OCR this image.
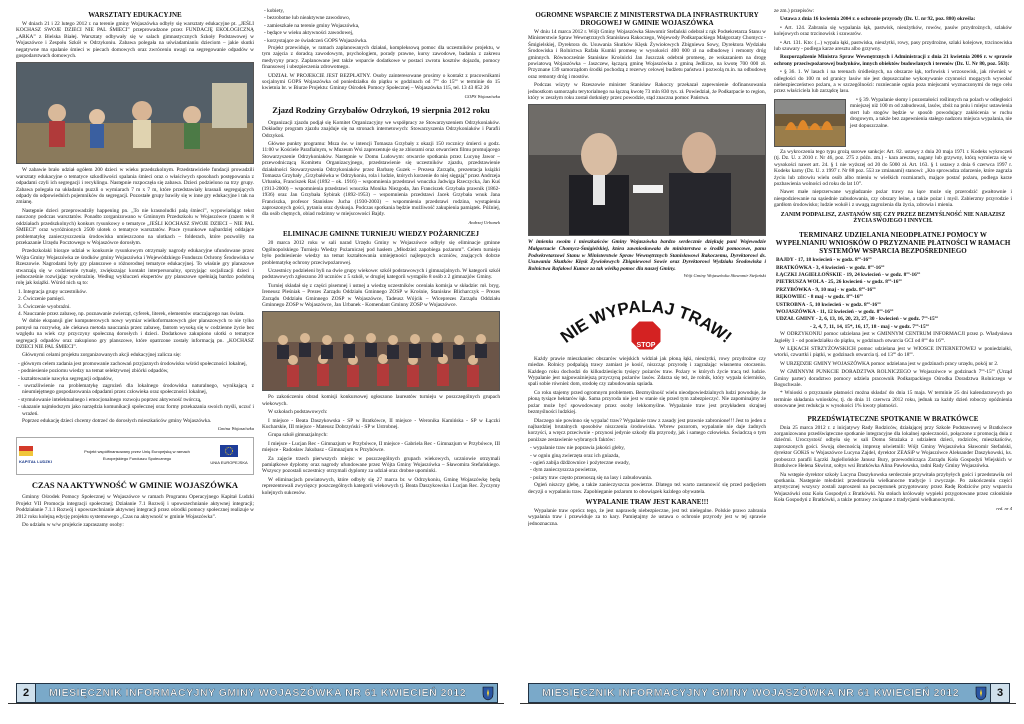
WARSZTATY EDUKACYJNE

W dniach 21 i 22 lutego 2012 r. na terenie gminy Wojaszówka odbyły się warsztaty edukacyjne pt. „JEŚLI KOCHASZ SWOJE DZIECI NIE PAL ŚMIECI” przeprowadzone przez FUNDACJĘ EKOLOGICZNĄ „ARKA” z Bielska Białej. Warsztaty odbywały się w salach gimnastycznych Szkoły Podstawowej w Wojaszówce i Zespołu Szkół w Odrzykoniu. Zabawa polegała na uświadamianiu dzieciom – jakie skutki negatywne ma spalanie śmieci w piecach domowych oraz zwróceniu uwagi na segregowanie odpadów w gospodarstwach domowych.

W zabawie brało udział ogółem 200 dzieci w wieku przedszkolnym. Przedstawiciele fundacji prowadzili warsztaty edukacyjne o tematyce szkodliwości spalania śmieci oraz o właściwych sposobach postępowania z odpadami czyli ich segregacji i recyklingu. Następnie rozpoczęła się zabawa. Dzieci podzielono na trzy grupy. Zabawa polegała na układaniu puzzli o wymiarach 7 m x 7 m, które przedstawiały krasnali segregujących odpady do odpowiednich pojemników do segregacji. Pozostałe grupy bawiły się w inne gry edukacyjne i tak na zmianę.

Następnie dzieci przeprowadziły happening pn. „To nie krasnoludki palą śmieci”, wypowiadając tekst nauczony podczas warsztatów. Ponadto zorganizowano w Gminnym Przedszkolu w Wojaszówce (razem w 8 oddziałach przedszkolnych) konkurs rysunkowy o tematyce „JEŚLI KOCHASZ SWOJE DZIECI – NIE PAL ŚMIECI” oraz wyróżnionych 2500 ulotek o tematyce warsztatów. Prace rysunkowe najbardziej oddające problematykę zanieczyszczenia środowiska umieszczono na ulotkach – folderach, które pozwoliły na przekazanie Urzędu Pocztowego w Wojaszówce dorosłym.

Przedszkolaki biorące udział w konkursie rysunkowym otrzymały nagrody edukacyjne ufundowane przez Wójta Gminy Wojaszówka ze środków gminy Wojaszówka i Wojewódzkiego Funduszu Ochrony Środowiska w Rzeszowie. Nagrodami były gry planszowe o różnorodnej tematyce edukacyjnej. To właśnie gry planszowe stwarzają się w codziennie rytuały, zwiększając kontakt interpersonalny, sprzyjając socjalizacji dzieci i jednocześnie rozwijając wyobraźnię. Według wykluczeń ekspertów gry planszowe spełniają bardzo podobną rolę jak książki. Wśród nich są to:

1. Integracja grupy uczestników.
2. Ćwiczenie pamięci.
3. Ćwiczenie wyobraźni.
4. Nauczanie przez zabawę, np. poznawanie zwierząt, cyferek, literek, elementów otaczającego nas świata.

W dobie ekspansji gier komputerowych nowy wymiar wielkoformatowych gier planszowych to nie tylko pomysł na rozrywkę, ale ciekawa metoda nauczania przez zabawę, fantom wysoką się w codzienne życie bez względu na wiek czy przyczyny społeczną dorosłych i dzieci. Dodatkowo zakupiono ulotki o tematyce segregacji odpadów oraz zakupiono gry planszowe, które opatrzone zostały informacją pn. „KOCHASZ DZIECI NIE PAL ŚMIECI”.

Głównymi celami projektu zorganizowanych akcji edukacyjnej zalicza się:

- głównym celem zadania jest promowanie zachowań przyjaznych środowisku wśród społeczności lokalnej,
- podniesienie poziomu wiedzy na temat selektywnej zbiórki odpadów,
- kształtowanie nawyku segregacji odpadów,
- uwrażliwienie na problematykę zagrożeń dla lokalnego środowiska naturalnego, wynikającą z nieumiejętnego gospodarowania odpadami przez człowieka oraz społeczności lokalnej,
- stymulowanie intelektualnego i emocjonalnego rozwoju poprzez aktywność twórczą,
- ukazanie najmłodszym jako narzędzia komunikacji społecznej oraz formy przekazania swoich myśli, uczuć i wrażeń.

Poprzez edukację dzieci chcemy dotrzeć do dorosłych mieszkańców gminy Wojaszówka.

Gmina Wojaszówka
KAPITAŁ LUDZKI
Projekt współfinansowany przez Unię Europejską w ramach Europejskiego Funduszu Społecznego
UNIA EUROPEJSKA
CZAS NA AKTYWNOŚĆ W GMINIE WOJASZÓWKA

Gminny Ośrodek Pomocy Społecznej w Wojaszówce w ramach Programu Operacyjnego Kapitał Ludzki Projekt VII Promocja integracji społecznej; Działanie 7.1 Rozwój i upowszechnianie aktywnej integracji; Poddziałanie 7.1.1 Rozwój i upowszechnianie aktywnej integracji przez ośrodki pomocy społecznej realizuje w 2012 roku kolejną edycję projektu systemowego „Czas na aktywność w gminie Wojaszówka”.

Do udziału w w/w projekcie zapraszamy osoby:

- kobiety,
- bezrobotne lub nieaktywne zawodowo,
- zamieszkałe na terenie gminy Wojaszówka,
- będące w wieku aktywności zawodowej,
- korzystające ze świadczeń GOPS Wojaszówka.

Projekt przewiduje, w ramach zaplanowanych działań, kompleksową pomoc dla uczestników projektu, w tym zajęcia z doradcą zawodowym, psychologiem, porady prawne, kursy zawodowe, badania z zakresu medycyny pracy. Zaplanowane jest także wsparcie dodatkowe w postaci zwrotu kosztów dojazdu, pomocy finansowej i ubezpieczenia zdrowotnego.

UDZIAŁ W PROJEKCIE JEST BEZPŁATNY. Osoby zainteresowane prosimy o kontakt z pracownikami socjalnymi GOPS Wojaszówka od poniedziałku do piątku w godzinach od 7ºº do 15ºº w terminie do 15 kwietnia br. w Biurze Projektu: Gminny Ośrodek Pomocy Społecznej – Wojaszówka 115, tel. 13 43 852 26

GOPS Wojaszówka
Zjazd Rodziny Grzybałów Odrzykoń, 19 sierpnia 2012 roku

Organizacji zjazdu podjął się Komitet Organizacyjny we współpracy ze Stowarzyszeniem Odrzykoniaków. Dokładny program zjazdu znajduje się na stronach internetowych: Stowarzyszenia Odrzykoniaków i Parafii Odrzykoń.

Główne punkty programu: Msza św. w intencji Tomasza Grzybały z okazji 150 rocznicy śmierci o godz. 11:00 w Kościele Parafialnym, w Muzeum Wsi zaprezentuje się ze zbiorami oraz otwarciem filmu promującego Stowarzyszenie Odrzykoniaków. Następnie w Domu Ludowym: otwarcie spotkania przez Lucynę Jawor – przewodniczącą Komitetu Organizacyjnego, przedstawienie się uczestników zjazdu, przedstawienie działalności Stowarzyszenia Odrzykoniaków przez Barbarę Guzek – Prezesa Zarządu, prezentacja książki Tomasza Grzybały „Grzybałówka w Odrzykoniu, rola i ludzie, których korzenie do niej sięgają” przez Andrzeja Urbanka, Franciszek Raś (1892 – ok. 1916) – wspomnienia przedstawi wnuczka Jadwiga Rzeczycka, Jan Kuś (1913-2000) – wspomnienia przedstawi wnuczka Monika Niezgoda, Jan Franciszek Grzybała prawnik (1862-1936) oraz Jan Grzybała Sybirak (1892-1953) – wspomnienia przedstawi Jacek Grzybała wnuk Jana Franciszka, profesor Stanisław Jucha (1930-2003) – wspomnienia przedstawi rodzina, wystąpienia zaproszonych gości, pytania oraz dyskusja. Podczas spotkania będzie możliwość zakupienia pamiątek. Później, dla osób chętnych, obiad rodzinny w miejscowości Bajdy.

Andrzej Urbanek
ELIMINACJE GMINNE TURNIEJU WIEDZY POŻARNICZEJ

20 marca 2012 roku w sali narad Urzędu Gminy w Wojaszówce odbyły się eliminacje gminne Ogólnopolskiego Turnieju Wiedzy Pożarniczej pod hasłem „Młodzież zapobiega pożarom”. Celem turnieju było podniesienie wiedzy na temat kształtowania umiejętności najlepszych uczniów, znających dobrze problematykę ochrony przeciwpożarowej.

Uczestnicy podzieleni byli na dwie grupy wiekowe: szkół podstawowych i gimnazjalnych. W kategorii szkół podstawowych zgłoszono 20 uczniów z 5 szkół, w drugiej kategorii wystąpiło 8 osób z 2 gimnazjów Gminy.

Turniej składał się z części pisemnej i ustnej a wiedzę uczestników oceniała komisja w składzie: mł. bryg. Ireneusz Pleśniak – Prezes Zarządu Oddziału Gminnego ZOSP w Krośnie, Stanisław Blicharczyk – Prezes Zarządu Oddziału Gminnego ZOSP w Wojaszówce, Tadeusz Wójcik – Wiceprezes Zarządu Oddziału Gminnego ZOSP w Wojaszówce, Jan Urbanek - Komendant Gminny ZOSP w Wojaszówce.

Po zakończeniu obrad komisji konkursowej ogłoszono laureatów turnieju w poszczególnych grupach wiekowych.

W szkołach podstawowych:

I miejsce - Beata Daszykowska - SP w Bratkówce, II miejsce - Weronika Kamińska - SP w Łączki Kucharskie, III miejsce - Mateusz Dobrzyński - SP w Ustrobnej.

Grupa szkół gimnazjalnych:

I miejsce - Lucjan Rec - Gimnazjum w Przybówce, II miejsce - Gabriela Rec - Gimnazjum w Przybówce, III miejsce - Radosław Jakubasz - Gimnazjum w Przybówce.

Za zajęcie trzech pierwszych miejsc w poszczególnych grupach wiekowych, uczniowie otrzymali pamiątkowe dyplomy oraz nagrody ufundowane przez Wójta Gminy Wojaszówka – Sławomira Stefańskiego. Wszyscy pozostali uczestnicy otrzymali dyplomy za udział oraz drobne upominki.

W eliminacjach powiatowych, które odbyły się 27 marca br. w Odrzykoniu, Gminę Wojaszówkę będą reprezentowali zwycięzcy poszczególnych kategorii wiekowych tj. Beata Daszykowska i Lucjan Rec. Życzymy kolejnych sukcesów.

2	MIESIĘCZNIK INFORMACYJNY GMINY WOJASZÓWKA NR 61 KWIECIEŃ 2012
OGROMNE WSPARCIE Z MINISTERSTWA DLA INFRASTRUKTURY DROGOWEJ W GMINIE WOJASZÓWKA

W dniu 14 marca 2012 r. Wójt Gminy Wojaszówka Sławomir Stefański odebrał z rąk Podsekretarza Stanu w Ministerstwie Spraw Wewnętrznych Stanisława Rakoczego, Wojewody Podkarpackiego Małgorzaty Chomycz - Śmigielskiej, Dyrektora ds. Usuwania Skutków Klęsk Żywiołowych Zbigniewa Sowy, Dyrektora Wydziału Środowiska i Rolnictwa Rafała Kumki promesę w wysokości 400 000 zł na odbudowę i remonty dróg gminnych. Równocześnie Stanisław Krośnicki Jan Juszczak odebrał promesę, ze wskazaniem na drogę powiatową Wojaszówka – Jaszczew, łączącą gminę Wojaszówka z gminą Jedlicze, na kwotę 700 000 zł. Przyznane 139 samorządom środki pochodzą z rezerwy celowej budżetu państwa i pozwolą m.in. na odbudowę oraz remonty dróg i mostów.

Podczas wizyty w Rzeszowie minister Stanisław Rakoczy przekazał zapewnienie dofinansowania jednostkom samorządu terytorialnego na łączną kwotę 73 mln 830 tys. zł. Powiedział, że Podkarpacie to region, który w zeszłym roku został dotknięty przez powodzie, stąd znaczna pomoc Państwa.

W imieniu swoim i mieszkańców Gminy Wojaszówka bardzo serdecznie dziękuję pani Wojewodzie Małgorzacie Chomycz-Śmigielskiej, która zawnioskowała do ministerstwa o środki pomocowe, panu Podsekretarzowi Stanu w Ministerstwie Spraw Wewnętrznych Stanisławowi Rakoczemu, Dyrektorowi ds. Usuwania Skutków Klęsk Żywiołowych Zbigniewowi Sowie oraz Dyrektorowi Wydziału Środowiska i Rolnictwa Rafałowi Kumce za tak wielką pomoc dla naszej Gminy.
Wójt Gminy Wojaszówka Sławomir Stefański
NIE WYPALAJ TRAW!
STOP

Każdy prawie mieszkaniec obszarów wiejskich widział jak płoną łąki, nieużytki, rowy przydrożne czy miedze. Rolnicy podpalają trawy zamiast je kosić, niszcząc przyrodę i zagrażając własnemu otoczeniu. Każdego roku dochodzi do kilkudziesięciu tysięcy pożarów traw. Pożary w których życie tracą też ludzie. Wypalanie jest najpoważniejszą przyczyną pożarów lasów. Zdarza się też, że rolnik, który wypala ściernisko, spali sobie również dom, stodołę czy zabudowania sąsiada.

Co roku stajemy przed ogromnym problemem. Bezmyślność wielu nieodpowiedzialnych ludzi powoduje, że płoną tysiące hektarów łąk. Sama przyroda nie jest w stanie się przed tym zabezpieczyć. Nie zapominajmy że pożar może być spowodowany przez osoby lekkomyślne. Wypalanie traw jest przykładem skrajnej bezmyślności ludzkiej.

Dlaczego nie powinno się wypalać traw? Wypalanie traw z zasady jest prawnie zabronione!!! Jest to jeden z najbardziej brutalnych sposobów niszczenia środowiska. Wbrew pozorom, wypalanie nie daje żadnych korzyści, a wręcz przeciwnie - przynosi jedynie szkody dla przyrody, jak i samego człowieka. Świadczą o tym poniższe zestawienie wybranych faktów:

- wypalanie traw nie poprawia jakości gleby,
- w ogniu giną zwierzęta oraz ich gniazda,
- ogień zabija dżdżownice i pożyteczne owady,
- dym zanieczyszcza powietrze,
- pożary traw często przenoszą się na lasy i zabudowania.

Ogień niszczy glebę, a także zanieczyszcza powietrze. Dlatego też warto zastanowić się przed podjęciem decyzji o wypalaniu traw. Zapobieganie pożarom to obowiązek każdego obywatela.

WYPALANIE TRAW JEST KARANE!!!

Wypalanie traw oprócz tego, że jest naprawdę niebezpieczne, jest też nielegalne. Polskie prawo zabrania wypalania traw i przewiduje za to kary. Pamiętajmy że ustawa o ochronie przyrody jest w tej sprawie jednoznaczna.

ze zm.) przepisów:

Ustawa z dnia 16 kwietnia 2004 r. o ochronie przyrody (Dz. U. nr 92, poz. 880) określa:

• Art. 124. Zabrania się wypalania łąk, pastwisk, nieużytków, rowów, pasów przydrożnych, szlaków kolejowych oraz trzcinowisk i szuwarów.

• Art. 131. Kto: (...) wypala łąki, pastwiska, nieużytki, rowy, pasy przydrożne, szlaki kolejowe, trzcinowiska lub szuwary - podlega karze aresztu albo grzywny.

Rozporządzenie Ministra Spraw Wewnętrznych i Administracji z dnia 21 kwietnia 2006 r. w sprawie ochrony przeciwpożarowej budynków, innych obiektów budowlanych i terenów (Dz. U. Nr 80, poz. 563):

• § 36. 1. W lasach i na terenach śródleśnych, na obszarze łąk, torfowisk i wrzosowisk, jak również w odległości do 100 m od granicy lasów nie jest dopuszczalne wykonywanie czynności mogących wywołać niebezpieczeństwo pożaru, a w szczególności: rozniecanie ognia poza miejscami wyznaczonymi do tego celu przez właściciela lub zarządcę lasu.

• § 39. Wypalanie słomy i pozostałości roślinnych na polach w odległości mniejszej niż 100 m od zabudowań, lasów, zbóż na pniu i miejsc ustawienia stert lub stogów będzie w sposób powodujący zakłócenia w ruchu drogowym, a także bez zapewnienia stałego nadzoru miejsca wypalania, nie jest dopuszczalne.

Za wykroczenia tego typu grożą surowe sankcje: Art. 82. ustawy z dnia 20 maja 1971 r. Kodeks wykroczeń (tj. Dz. U. z 2010 r. Nr 46, poz. 275 z późn. zm.) - kara aresztu, nagany lub grzywny, którą wymierza się w wysokości nawet art. 24. § 1 nie wyższej od 20 do 5000 zł. Art. 163. § 1 ustawy z dnia 6 czerwca 1997 r. Kodeks karny (Dz. U. z 1997 r. Nr 88 poz. 553 ze zmianami) stanowi: „Kto sprowadza zdarzenie, które zagraża życiu lub zdrowiu wielu osób albo mieniu w wielkich rozmiarach, mające postać pożaru, podlega karze pozbawienia wolności od roku do lat 10”.

Nawet małe nieprzerwane wygładzanie pożar trawy na łące może się przerodzić gwałtownie i niespodziewanie na sąsiednie zabudowania, czy obszary leśne, a także pożar i myśl. Zabierzmy przyrodzie i gardłom środowisko; ludzie wokół i z uwagą zagrożenia dla życia, zdrowia i mienia.

ZANIM PODPALISZ, ZASTANÓW SIĘ CZY PRZEZ BEZMYŚLNOŚĆ NIE NARAZISZ ŻYCIA SWOJEGO I INNYCH.
TERMINARZ UDZIELANIA NIEODPŁATNEJ POMOCY W WYPEŁNIANIU WNIOSKÓW O PRZYZNANIE PŁATNOŚCI W RAMACH SYSTEMÓW WSPARCIA BEZPOŚREDNIEGO
BAJDY - 17, 18 kwiecień - w godz. 8ºº-16ºº
BRATKÓWKA - 3, 4 kwiecień - w godz. 8ºº-16ºº
ŁĄCZKI JAGIEŁŁOŃSKIE - 19, 24 kwiecień - w godz. 8ºº-16ºº
PIETRUSZA WOLA - 25, 26 kwiecień - w godz. 8ºº-16ºº
PRZYBÓWKA - 9, 10 maj - w godz. 8ºº-16ºº
RĘKOWIEC - 8 maj - w godz. 8ºº-16ºº
USTROBNA - 5, 10 kwiecień - w godz. 8ºº-16ºº
WOJASZÓWKA - 11, 12 kwiecień - w godz. 8ºº-16ºº
UDZAŁ GMINY - 2, 6, 13, 16, 20, 23, 27, 30 - kwiecień - w godz. 7ºº-15ºº
- 2, 4, 7, 11, 14, 15*, 16, 17, 18 - maj - w godz. 7ºº-15ºº

W ODRZYKONIU pomoc udzielana jest w GMINNYM CENTRUM INFORMACJI przez p. Władysława Jagiełły 1 - od poniedziałku do piątku, w godzinach otwarcia GCI od 8ºº do 16ºº.

W ŁĘKACH STRZYŻOWSKICH pomoc udzielana jest w WIOSCE INTERNETOWEJ w poniedziałki, wtorki, czwartki i piątki, w godzinach otwarcia tj. od 13ºº do 18ºº.

W URZĘDZIE GMINY WOJASZÓWKA pomoc udzielana jest w godzinach pracy urzędu, pokój nr 2.

W GMINNYM PUNKCIE DORADZTWA ROLNICZEGO w Wojaszówce w godzinach 7ºº-15ºº (Urząd Gminy parter) doradztwo pomocy udziela pracownik Podkarpackiego Ośrodka Doradztwa Rolniczego w Boguchwale.

* Wnioski o przyznanie płatności można składać do dnia 15 maja. W terminie 25 dni kalendarzowych po terminie składania wniosków, tj. do dnia 11 czerwca 2012 roku, jednak za każdy dzień roboczy opóźnienia stosowane jest redukcja w wysokości 1% kwoty płatności.

PRZEDŚWIĄTECZNE SPOTKANIE W BRATKÓWCE

Dnia 25 marca 2012 r. z inicjatywy Rady Rodziców, działającej przy Szkole Podstawowej w Bratkówce zorganizowano przedświąteczne spotkanie integracyjne dla lokalnej społeczności, połączone z promocją dnia z dziećmi. Uroczystość odbyła się w sali Domu Strażaka z udziałem dzieci, rodziców, mieszkańców, zaproszonych gości. Swoją obecnością imprezę uświetnili: Wójt Gminy Wojaszówka Sławomir Stefański, dyrektor GOKiS w Wojaszówce Lucyna Zajdel, dyrektor ZEASiP w Wojaszówce Aleksander Daszykowski, ks. proboszcz parafii Łączki Jagiellońskie Janusz Bury, przewodnicząca Zarządu Koła Gospodyń Wiejskich w Bratkówce Helena Skwirut, sołtys wsi Bratkówka Alina Pawłowska, radni Rady Gminy Wojaszówka.

Na wstępie dyrektor szkoły Lucyna Daszykowska serdecznie przywitała przybyłych gości i przedstawiła cel spotkania. Następnie młodzież przedstawiła wielkanocne tradycje i zwyczaje. Po zakończeniu części artystycznej wszyscy zostali zaproszeni na poczęstunek przygotowany przez Radę Rodziców przy wsparciu Wojaszówki oraz Koła Gospodyń z Bratkówki. Na stołach królowały wypieki przygotowane przez członkinie Koła Gospodyń z Bratkówki, a także potrawy związane z tradycjami wielkanocnymi.

red. nr 4
MIESIĘCZNIK INFORMACYJNY GMINY WOJASZÓWKA NR 61 KWIECIEŃ 2012	3
